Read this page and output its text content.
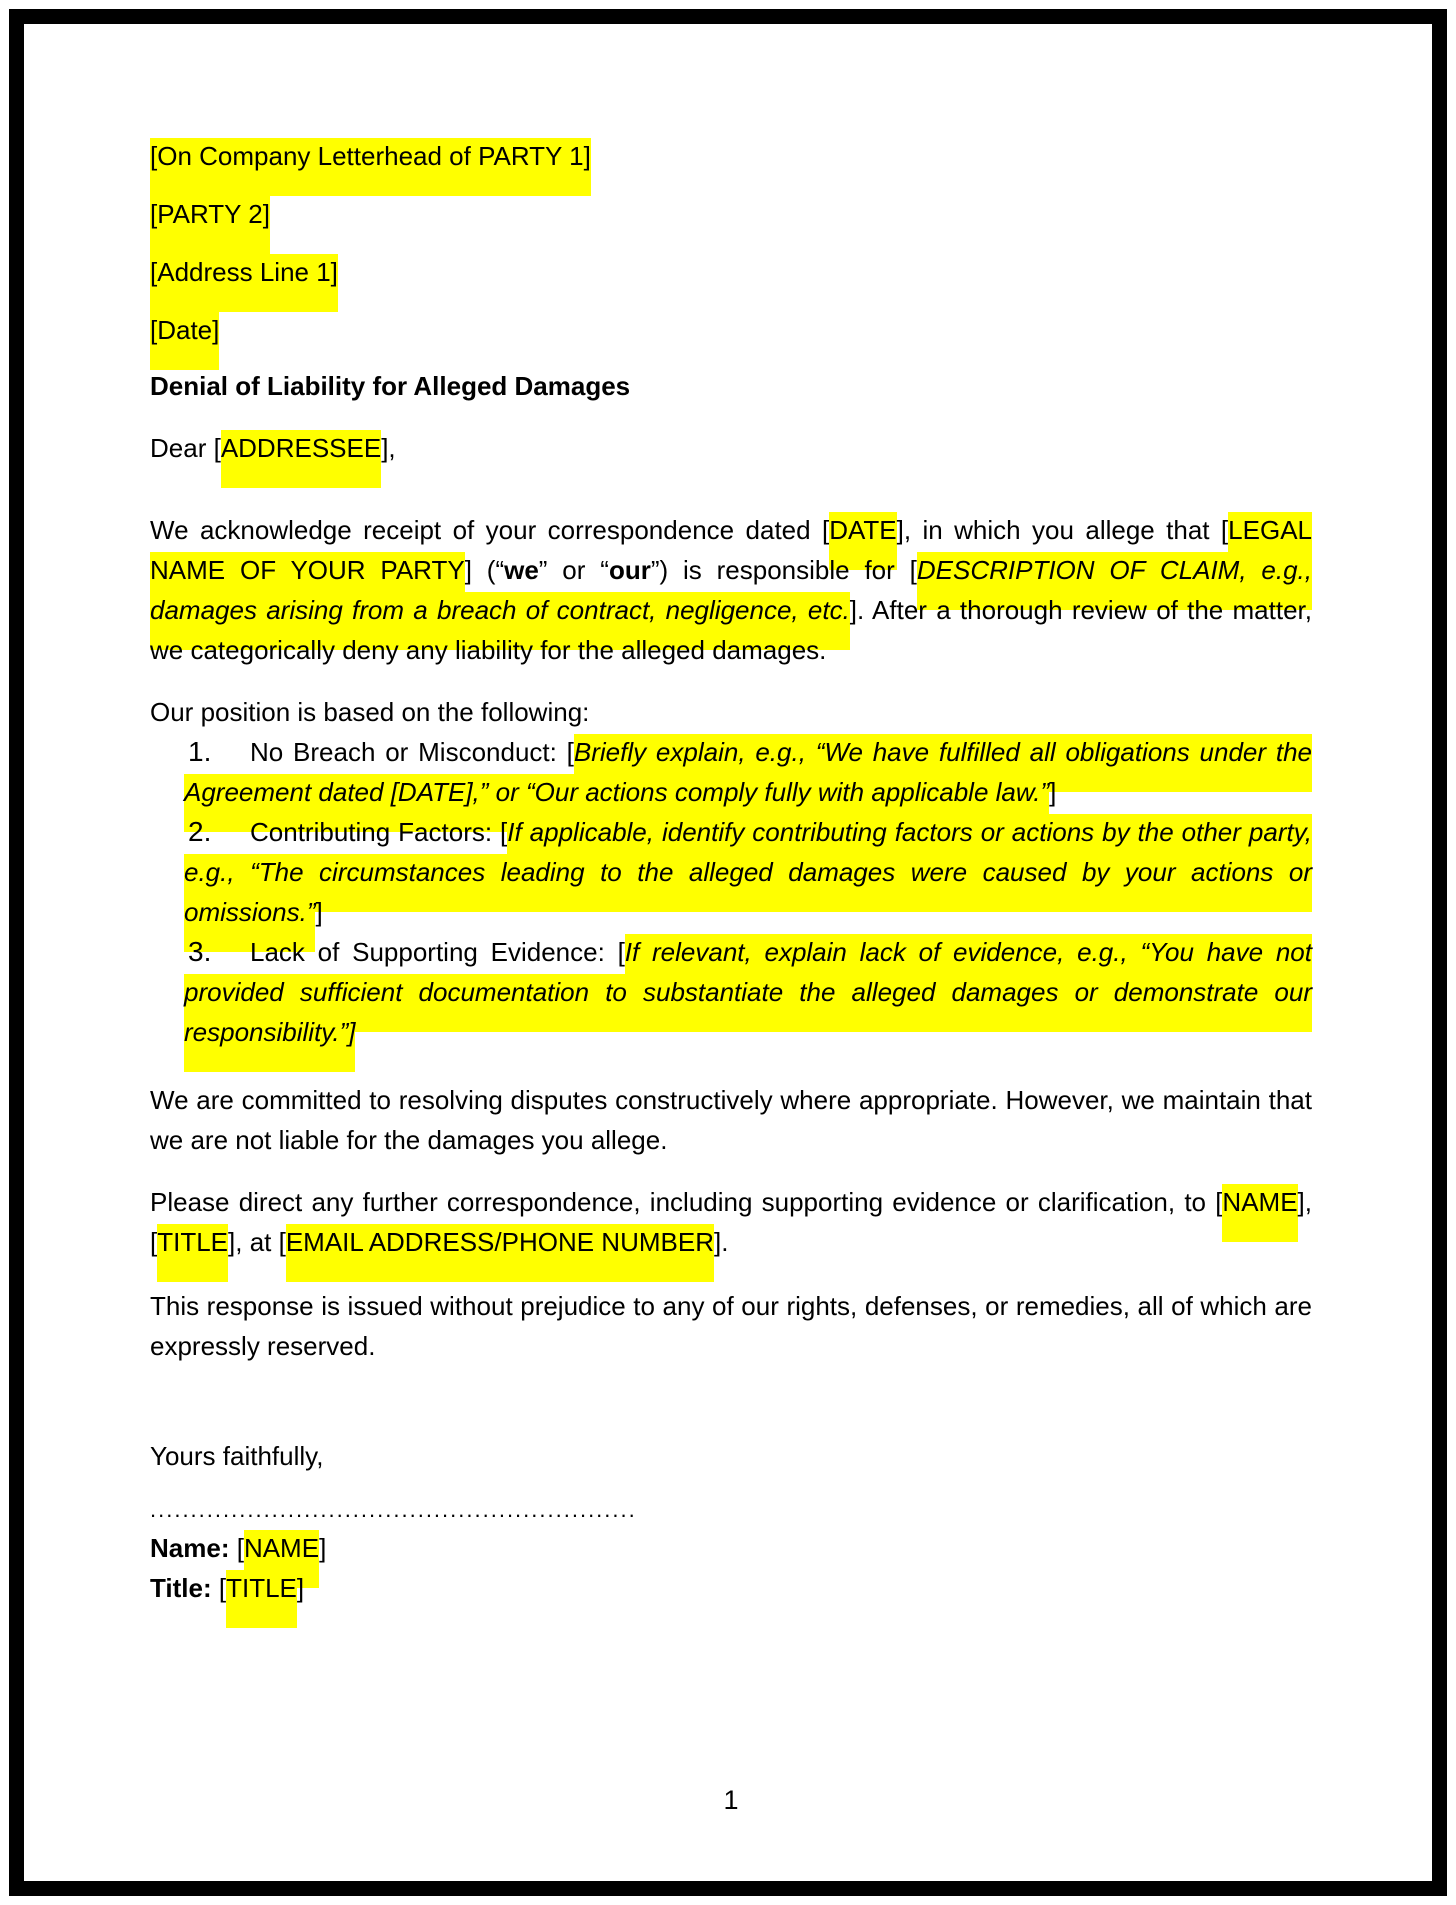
[On Company Letterhead of PARTY 1]
[PARTY 2]
[Address Line 1]
[Date]
Denial of Liability for Alleged Damages
Dear [ADDRESSEE],
We acknowledge receipt of your correspondence dated [DATE], in which you allege that [LEGAL NAME OF YOUR PARTY] (“we” or “our”) is responsible for [DESCRIPTION OF CLAIM, e.g., damages arising from a breach of contract, negligence, etc.]. After a thorough review of the matter, we categorically deny any liability for the alleged damages.
Our position is based on the following:
1. No Breach or Misconduct: [Briefly explain, e.g., “We have fulfilled all obligations under the Agreement dated [DATE],” or “Our actions comply fully with applicable law.”]
2. Contributing Factors: [If applicable, identify contributing factors or actions by the other party, e.g., “The circumstances leading to the alleged damages were caused by your actions or omissions.”]
3. Lack of Supporting Evidence: [If relevant, explain lack of evidence, e.g., “You have not provided sufficient documentation to substantiate the alleged damages or demonstrate our responsibility.”]
We are committed to resolving disputes constructively where appropriate. However, we maintain that we are not liable for the damages you allege.
Please direct any further correspondence, including supporting evidence or clarification, to [NAME], [TITLE], at [EMAIL ADDRESS/PHONE NUMBER].
This response is issued without prejudice to any of our rights, defenses, or remedies, all of which are expressly reserved.
Yours faithfully,
............................................................
Name: [NAME]
Title: [TITLE]
1
